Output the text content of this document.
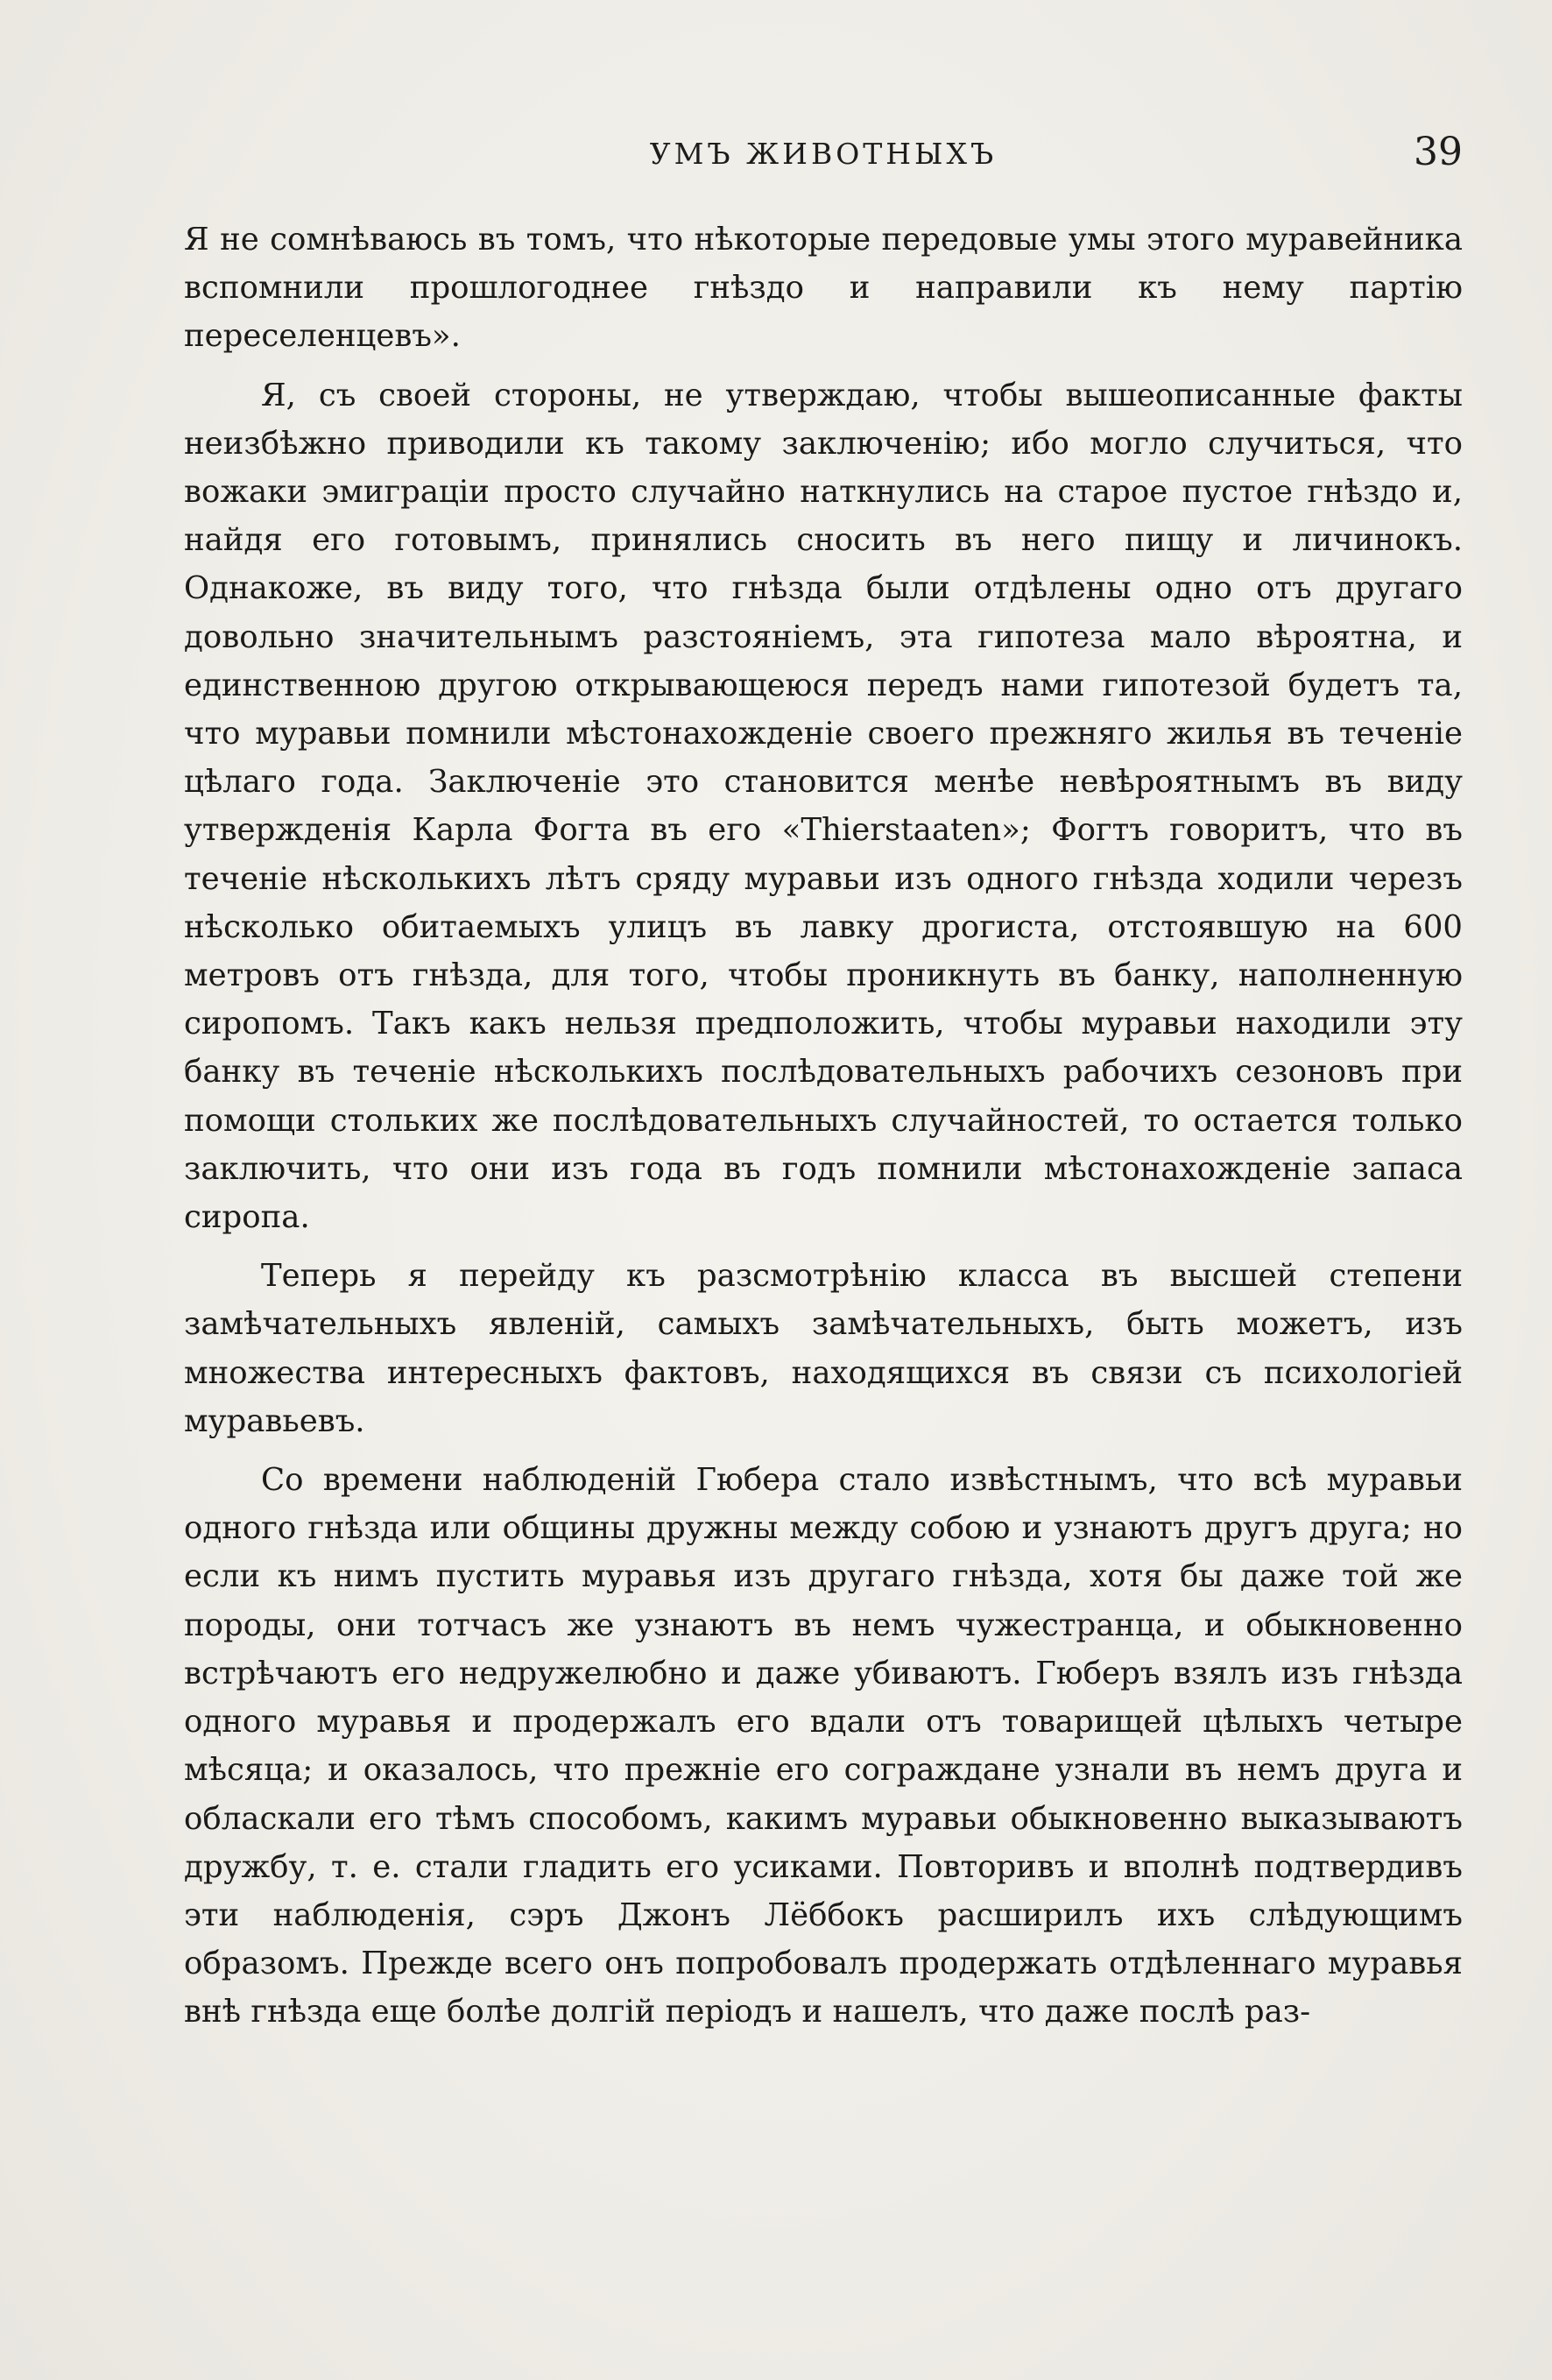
УМЪ ЖИВОТНЫХЪ	39

Я не сомнѣваюсь въ томъ, что нѣкоторые передовые умы этого муравейника вспомнили прошлогоднее гнѣздо и направили къ нему партію переселенцевъ».

Я, съ своей стороны, не утверждаю, чтобы вышеописанные факты неизбѣжно приводили къ такому заключенію; ибо могло случиться, что вожаки эмиграціи просто случайно наткнулись на старое пустое гнѣздо и, найдя его готовымъ, принялись сносить въ него пищу и личинокъ. Однакоже, въ виду того, что гнѣзда были отдѣлены одно отъ другаго довольно значительнымъ разстояніемъ, эта гипотеза мало вѣроятна, и единственною другою открывающеюся передъ нами гипотезой будетъ та, что муравьи помнили мѣстонахожденіе своего прежняго жилья въ теченіе цѣлаго года. Заключеніе это становится менѣе невѣроятнымъ въ виду утвержденія Карла Фогта въ его «Thierstaaten»; Фогтъ говоритъ, что въ теченіе нѣсколькихъ лѣтъ сряду муравьи изъ одного гнѣзда ходили черезъ нѣсколько обитаемыхъ улицъ въ лавку дрогиста, отстоявшую на 600 метровъ отъ гнѣзда, для того, чтобы проникнуть въ банку, наполненную сиропомъ. Такъ какъ нельзя предположить, чтобы муравьи находили эту банку въ теченіе нѣсколькихъ послѣдовательныхъ рабочихъ сезоновъ при помощи стольких же послѣдовательныхъ случайностей, то остается только заключить, что они изъ года въ годъ помнили мѣстонахожденіе запаса сиропа.

Теперь я перейду къ разсмотрѣнію класса въ высшей степени замѣчательныхъ явленій, самыхъ замѣчательныхъ, быть можетъ, изъ множества интересныхъ фактовъ, находящихся въ связи съ психологіей муравьевъ.

Со времени наблюденій Гюбера стало извѣстнымъ, что всѣ муравьи одного гнѣзда или общины дружны между собою и узнаютъ другъ друга; но если къ нимъ пустить муравья изъ другаго гнѣзда, хотя бы даже той же породы, они тотчасъ же узнаютъ въ немъ чужестранца, и обыкновенно встрѣчаютъ его недружелюбно и даже убиваютъ. Гюберъ взялъ изъ гнѣзда одного муравья и продержалъ его вдали отъ товарищей цѣлыхъ четыре мѣсяца; и оказалось, что прежніе его сограждане узнали въ немъ друга и обласкали его тѣмъ способомъ, какимъ муравьи обыкновенно выказываютъ дружбу, т. е. стали гладить его усиками. Повторивъ и вполнѣ подтвердивъ эти наблюденія, сэръ Джонъ Лёббокъ расширилъ ихъ слѣдующимъ образомъ. Прежде всего онъ попробовалъ продержать отдѣленнаго муравья внѣ гнѣзда еще болѣе долгій періодъ и нашелъ, что даже послѣ раз-
